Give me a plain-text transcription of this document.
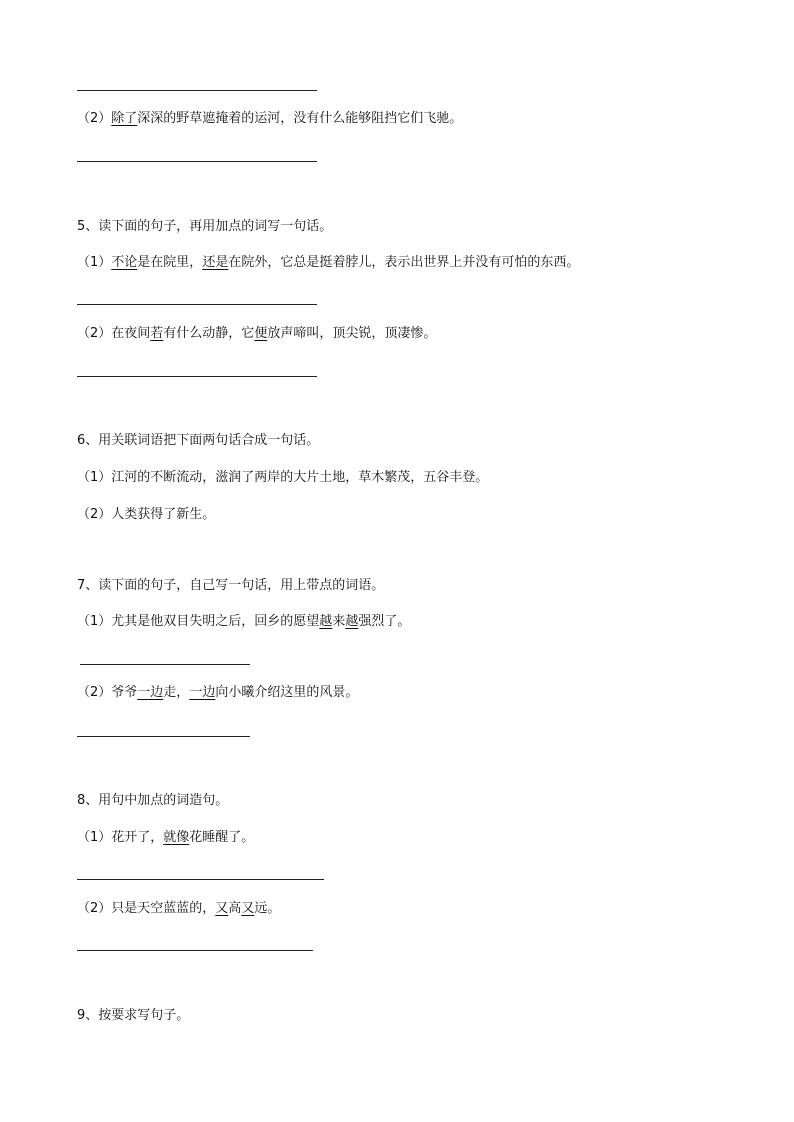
（2）除了深深的野草遮掩着的运河，没有什么能够阻挡它们飞驰。
5、读下面的句子，再用加点的词写一句话。
（1）不论是在院里，还是在院外，它总是挺着脖儿，表示出世界上并没有可怕的东西。
（2）在夜间若有什么动静，它便放声啼叫，顶尖锐，顶凄惨。
6、用关联词语把下面两句话合成一句话。
（1）江河的不断流动，滋润了两岸的大片土地，草木繁茂，五谷丰登。
（2）人类获得了新生。
7、读下面的句子，自己写一句话，用上带点的词语。
（1）尤其是他双目失明之后，回乡的愿望越来越强烈了。
（2）爷爷一边走，一边向小曦介绍这里的风景。
8、用句中加点的词造句。
（1）花开了，就像花睡醒了。
（2）只是天空蓝蓝的，又高又远。
9、按要求写句子。
